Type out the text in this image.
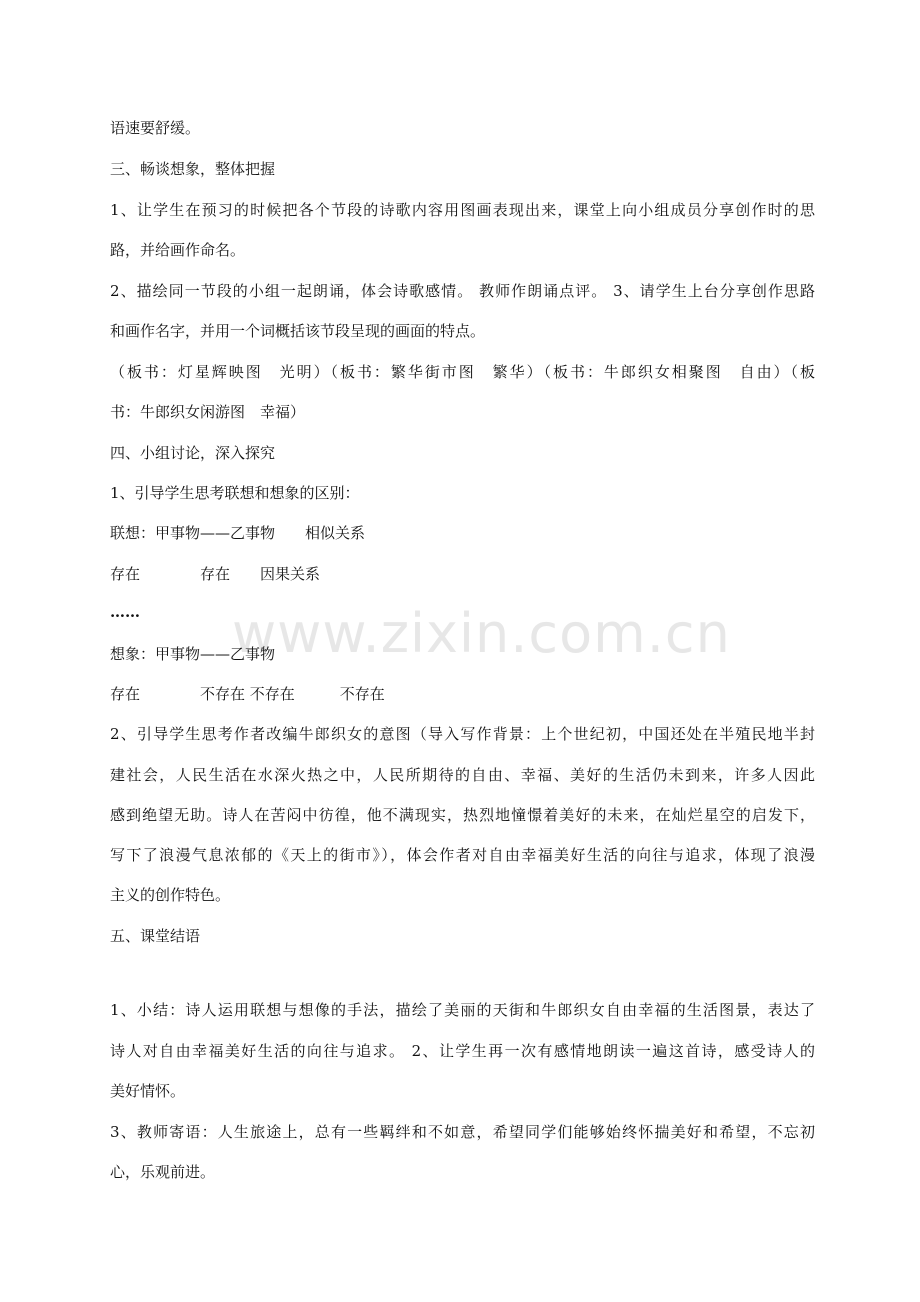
www.zixin.com.cn
语速要舒缓。
三、畅谈想象，整体把握
1、让学生在预习的时候把各个节段的诗歌内容用图画表现出来，课堂上向小组成员分享创作时的思
路，并给画作命名。
2、描绘同一节段的小组一起朗诵，体会诗歌感情。 教师作朗诵点评。 3、请学生上台分享创作思路
和画作名字，并用一个词概括该节段呈现的画面的特点。
（板书：灯星辉映图　光明）（板书：繁华街市图　繁华）（板书：牛郎织女相聚图　自由）（板
书：牛郎织女闲游图　幸福）
四、小组讨论，深入探究
1、引导学生思考联想和想象的区别：
联想：甲事物——乙事物　　相似关系
存在　　　　存在　　因果关系
……
想象：甲事物——乙事物
存在　　　　不存在 不存在　　　不存在
2、引导学生思考作者改编牛郎织女的意图（导入写作背景：上个世纪初，中国还处在半殖民地半封
建社会，人民生活在水深火热之中，人民所期待的自由、幸福、美好的生活仍未到来，许多人因此
感到绝望无助。诗人在苦闷中彷徨，他不满现实，热烈地憧憬着美好的未来，在灿烂星空的启发下，
写下了浪漫气息浓郁的《天上的街市》），体会作者对自由幸福美好生活的向往与追求，体现了浪漫
主义的创作特色。
五、课堂结语
1、小结：诗人运用联想与想像的手法，描绘了美丽的天街和牛郎织女自由幸福的生活图景，表达了
诗人对自由幸福美好生活的向往与追求。 2、让学生再一次有感情地朗读一遍这首诗，感受诗人的
美好情怀。
3、教师寄语：人生旅途上，总有一些羁绊和不如意，希望同学们能够始终怀揣美好和希望，不忘初
心，乐观前进。
